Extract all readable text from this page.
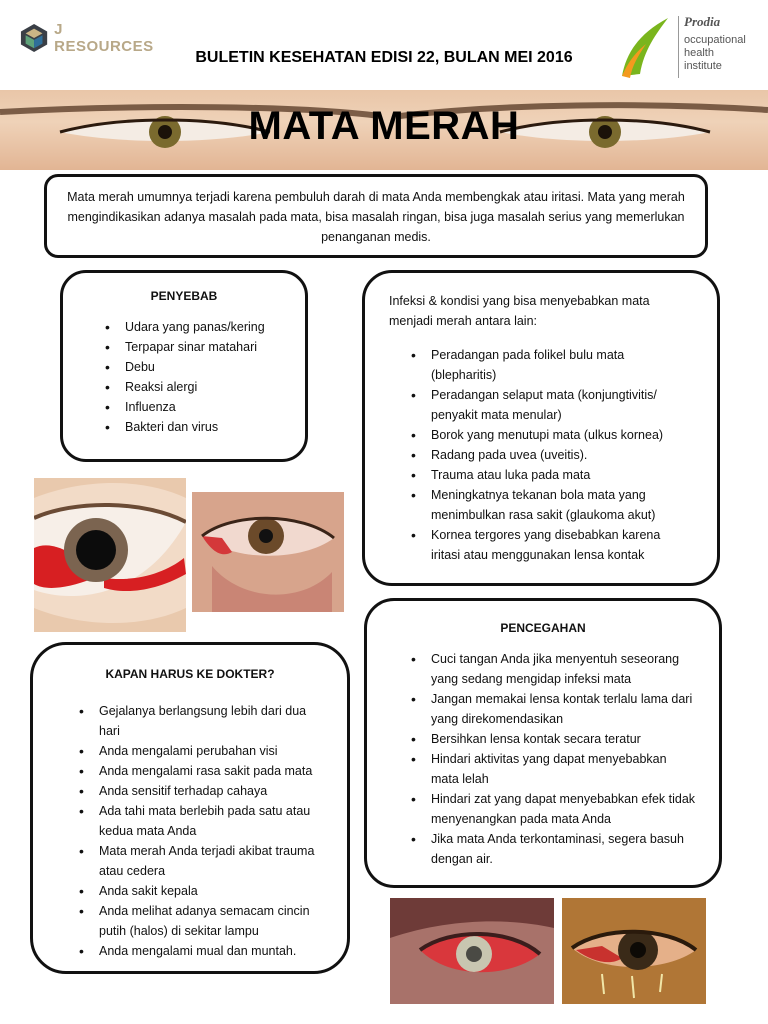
J RESOURCES
BULETIN KESEHATAN EDISI 22, BULAN MEI 2016
Prodia
occupational
health
institute
MATA MERAH
Mata merah umumnya terjadi karena pembuluh darah di mata Anda membengkak atau iritasi. Mata yang merah mengindikasikan adanya masalah pada mata, bisa masalah ringan, bisa juga masalah serius yang memerlukan penanganan medis.
PENYEBAB
• Udara yang panas/kering
• Terpapar sinar matahari
• Debu
• Reaksi alergi
• Influenza
• Bakteri dan virus
Infeksi & kondisi yang bisa menyebabkan mata menjadi merah antara lain:
• Peradangan pada folikel bulu mata (blepharitis)
• Peradangan selaput mata (konjungtivitis/ penyakit mata menular)
• Borok yang menutupi mata (ulkus kornea)
• Radang pada uvea (uveitis).
• Trauma atau luka pada mata
• Meningkatnya tekanan bola mata yang menimbulkan rasa sakit (glaukoma akut)
• Kornea tergores yang disebabkan karena iritasi atau menggunakan lensa kontak
PENCEGAHAN
• Cuci tangan Anda jika menyentuh seseorang yang sedang mengidap infeksi mata
• Jangan memakai lensa kontak terlalu lama dari yang direkomendasikan
• Bersihkan lensa kontak secara teratur
• Hindari aktivitas yang dapat menyebabkan mata lelah
• Hindari zat yang dapat menyebabkan efek tidak menyenangkan pada mata Anda
• Jika mata Anda terkontaminasi, segera basuh dengan air.
KAPAN HARUS KE DOKTER?
• Gejalanya berlangsung lebih dari dua hari
• Anda mengalami perubahan visi
• Anda mengalami rasa sakit pada mata
• Anda sensitif terhadap cahaya
• Ada tahi mata berlebih pada satu atau kedua mata Anda
• Mata merah Anda terjadi akibat trauma atau cedera
• Anda sakit kepala
• Anda melihat adanya semacam cincin putih (halos) di sekitar lampu
• Anda mengalami mual dan muntah.
